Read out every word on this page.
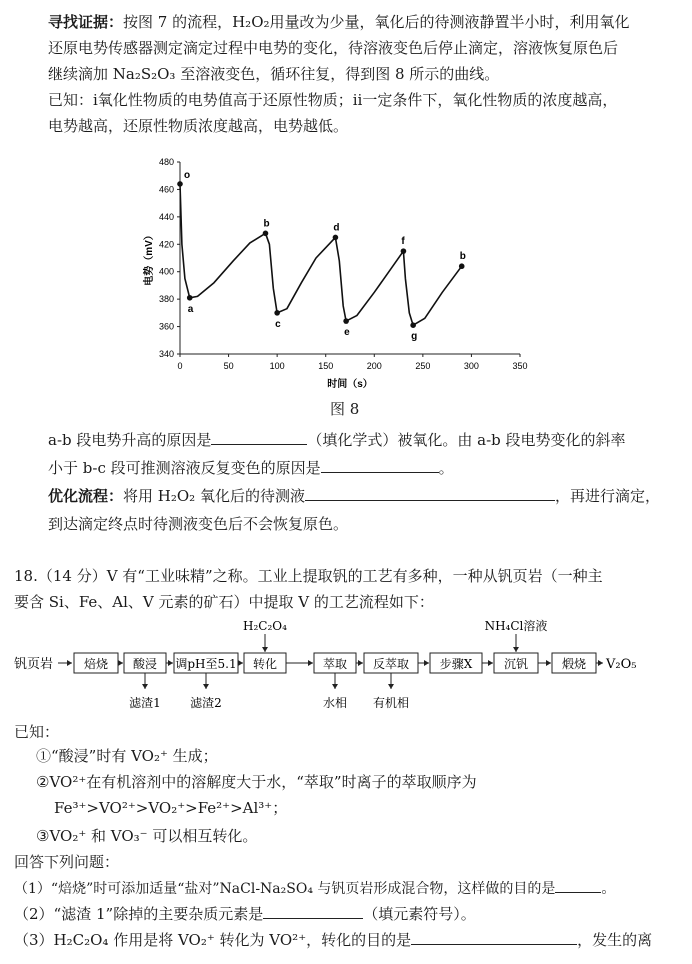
寻找证据：按图 7 的流程，H₂O₂用量改为少量，氧化后的待测液静置半小时，利用氧化
还原电势传感器测定滴定过程中电势的变化，待溶液变色后停止滴定，溶液恢复原色后
继续滴加 Na₂S₂O₃ 至溶液变色，循环往复，得到图 8 所示的曲线。
已知：ⅰ氧化性物质的电势值高于还原性物质；ⅱ一定条件下，氧化性物质的浓度越高，
电势越高，还原性物质浓度越高，电势越低。
0	50	100	150	200	250	300	350
340
360
380
400
420
440
460
480
时间（s）
电势（mV）
o
a
b
c
d
e
f
g
b
图 8
a-b 段电势升高的原因是	（填化学式）被氧化。由 a-b 段电势变化的斜率
小于 b-c 段可推测溶液反复变色的原因是	。
优化流程：将用 H₂O₂ 氧化后的待测液	，再进行滴定，
到达滴定终点时待测液变色后不会恢复原色。
18.（14 分）V 有“工业味精”之称。工业上提取钒的工艺有多种，一种从钒页岩（一种主
要含 Si、Fe、Al、V 元素的矿石）中提取 V 的工艺流程如下：
钒页岩	焙烧 酸浸 调pH至5.1 转化	萃取 反萃取	步骤X	沉钒	煅烧 V₂O₅
H₂C₂O₄	NH₄Cl溶液
滤渣1 滤渣2	水相 有机相
已知：
①“酸浸”时有 VO₂⁺ 生成；
②VO²⁺在有机溶剂中的溶解度大于水，“萃取”时离子的萃取顺序为
Fe³⁺>VO²⁺>VO₂⁺>Fe²⁺>Al³⁺；
③VO₂⁺ 和 VO₃⁻ 可以相互转化。
回答下列问题：
（1）“焙烧”时可添加适量“盐对”NaCl-Na₂SO₄ 与钒页岩形成混合物，这样做的目的是	。
（2）“滤渣 1”除掉的主要杂质元素是	（填元素符号）。
（3）H₂C₂O₄ 作用是将 VO₂⁺ 转化为 VO²⁺，转化的目的是	，发生的离
